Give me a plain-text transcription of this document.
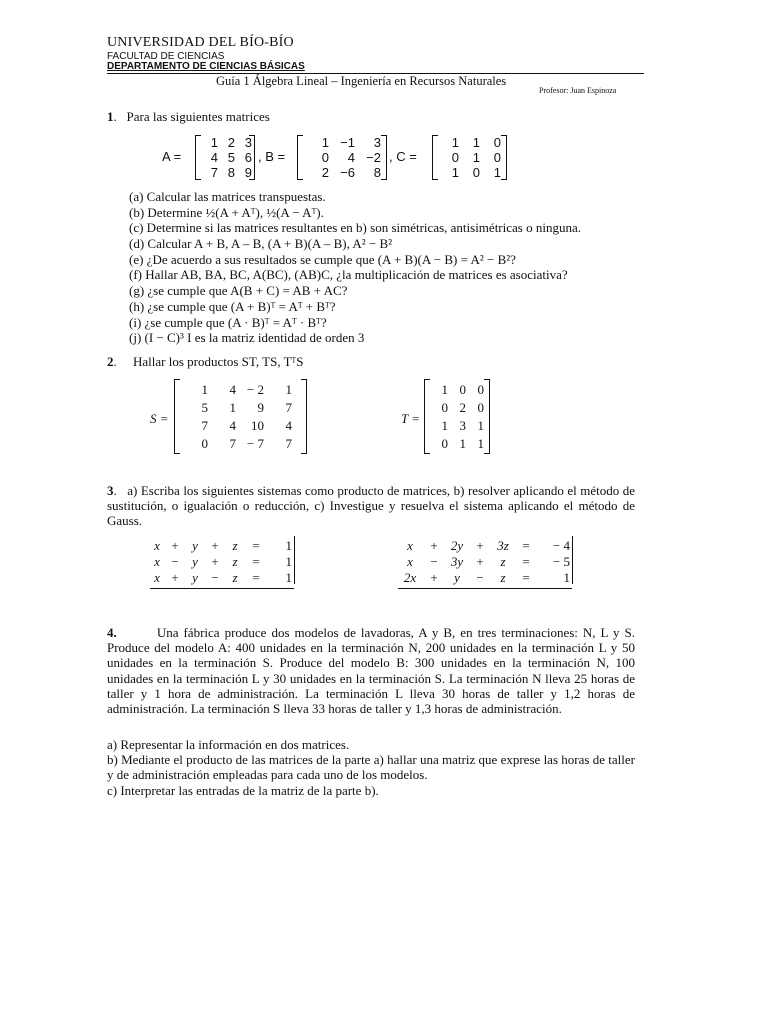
UNIVERSIDAD DEL BÍO-BÍO
FACULTAD DE CIENCIAS
DEPARTAMENTO DE CIENCIAS BÁSICAS
Guía 1 Álgebra Lineal – Ingeniería en Recursos Naturales
Profesor: Juan Espinoza
1.   Para las siguientes matrices
A =
1 2 3
4 5 6
7 8 9
, B =
1 −1	3
0	4 −2
2 −6	8
, C =
1	1	0
0	1	0
1	0	1
(a) Calcular las matrices transpuestas.
(b) Determine ½(A + Aᵀ), ½(A − Aᵀ).
(c) Determine si las matrices resultantes en b) son simétricas, antisimétricas o ninguna.
(d) Calcular A + B, A – B, (A + B)(A – B), A² − B²
(e) ¿De acuerdo a sus resultados se cumple que (A + B)(A − B) = A² − B²?
(f) Hallar AB, BA, BC, A(BC), (AB)C, ¿la multiplicación de matrices es asociativa?
(g) ¿se cumple que A(B + C) = AB + AC?
(h) ¿se cumple que (A + B)ᵀ = Aᵀ + Bᵀ?
(i) ¿se cumple que (A · B)ᵀ = Aᵀ · Bᵀ?
(j) (I − C)³ I es la matriz identidad de orden 3
2.     Hallar los productos ST, TS, TᵀS
S =
1	4 − 2	1
5	1	9	7
7	4	10	4
0	7 − 7	7
T =
1 0 0
0 2 0
1 3 1
0 1 1
3.   a) Escriba los siguientes sistemas como producto de matrices, b) resolver aplicando el método de sustitución, o igualación o reducción, c) Investigue y resuelva el sistema aplicando el método de Gauss.
x +	y	+	z	=	1
x −	y	+	z	=	1
x +	y	−	z	=	1
x	+	2y	+	3z	=	− 4
x	−	3y	+	z	=	− 5
2x	+	y	−	z	=	1
4.	Una fábrica produce dos modelos de lavadoras, A y B, en tres terminaciones: N, L y S. Produce del modelo A: 400 unidades en la terminación N, 200 unidades en la terminación L y 50 unidades en la terminación S. Produce del modelo B: 300 unidades en la terminación N, 100 unidades en la terminación L y 30 unidades en la terminación S. La terminación N lleva 25 horas de taller y 1 hora de administración. La terminación L lleva 30 horas de taller y 1,2 horas de administración. La terminación S lleva 33 horas de taller y 1,3 horas de administración.
a) Representar la información en dos matrices.
b) Mediante el producto de las matrices de la parte a) hallar una matriz que exprese las horas de taller y de administración empleadas para cada uno de los modelos.
c) Interpretar las entradas de la matriz de la parte b).
